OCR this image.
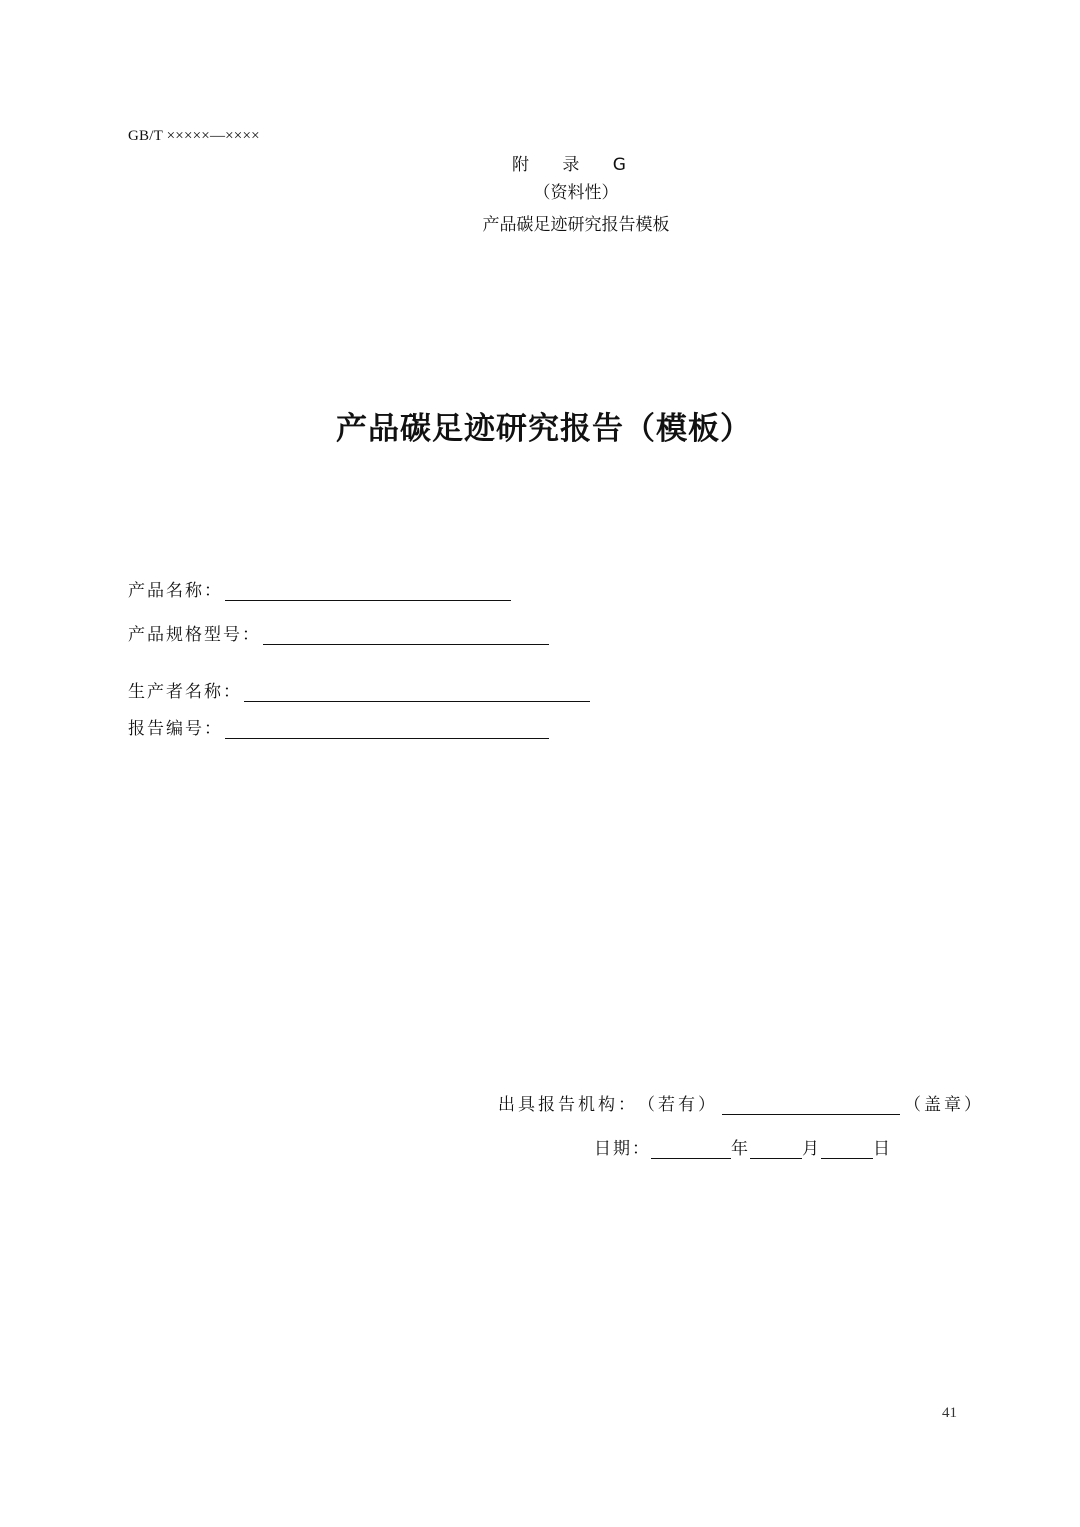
GB/T ×××××—××××
附 录 G
（资料性）
产品碳足迹研究报告模板
产品碳足迹研究报告（模板）
产品名称：
产品规格型号：
生产者名称：
报告编号：
出具报告机构： （若有）	（盖章）
日期：	年	月	日
41
